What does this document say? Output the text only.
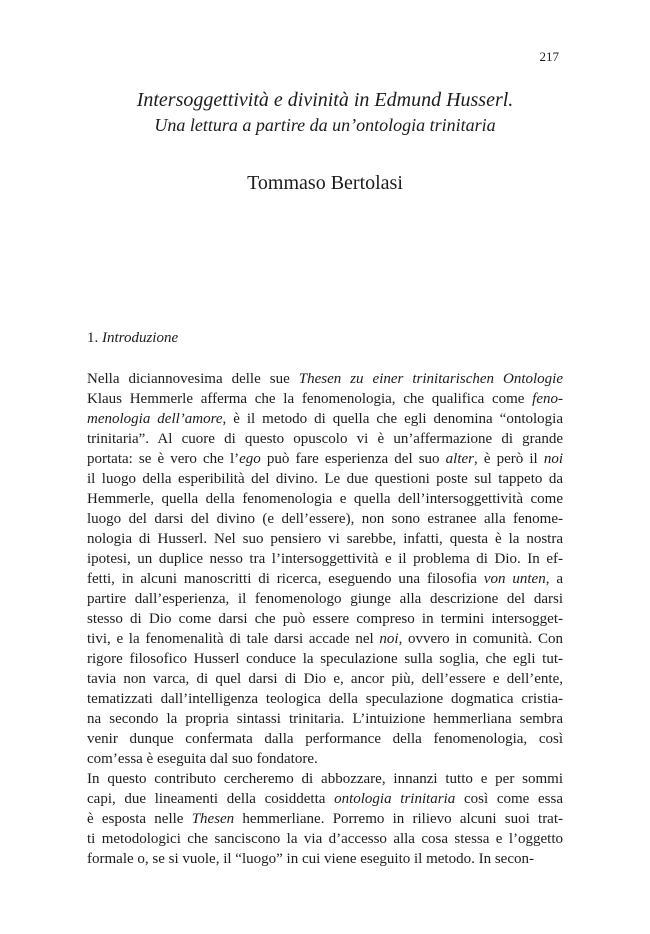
217

Intersoggettività e divinità in Edmund Husserl.

Una lettura a partire da un’ontologia trinitaria

Tommaso Bertolasi
1. Introduzione
Nella diciannovesima delle sue Thesen zu einer trinitarischen Ontologie
Klaus Hemmerle afferma che la fenomenologia, che qualifica come feno-
menologia dell’amore, è il metodo di quella che egli denomina “ontologia
trinitaria”. Al cuore di questo opuscolo vi è un’affermazione di grande
portata: se è vero che l’ego può fare esperienza del suo alter, è però il noi
il luogo della esperibilità del divino. Le due questioni poste sul tappeto da
Hemmerle, quella della fenomenologia e quella dell’intersoggettività come
luogo del darsi del divino (e dell’essere), non sono estranee alla fenome-
nologia di Husserl. Nel suo pensiero vi sarebbe, infatti, questa è la nostra
ipotesi, un duplice nesso tra l’intersoggettività e il problema di Dio. In ef-
fetti, in alcuni manoscritti di ricerca, eseguendo una filosofia von unten, a
partire dall’esperienza, il fenomenologo giunge alla descrizione del darsi
stesso di Dio come darsi che può essere compreso in termini intersogget-
tivi, e la fenomenalità di tale darsi accade nel noi, ovvero in comunità. Con
rigore filosofico Husserl conduce la speculazione sulla soglia, che egli tut-
tavia non varca, di quel darsi di Dio e, ancor più, dell’essere e dell’ente,
tematizzati dall’intelligenza teologica della speculazione dogmatica cristia-
na secondo la propria sintassi trinitaria. L’intuizione hemmerliana sembra
venir dunque confermata dalla performance della fenomenologia, così
com’essa è eseguita dal suo fondatore.
In questo contributo cercheremo di abbozzare, innanzi tutto e per sommi
capi, due lineamenti della cosiddetta ontologia trinitaria così come essa
è esposta nelle Thesen hemmerliane. Porremo in rilievo alcuni suoi trat-
ti metodologici che sanciscono la via d’accesso alla cosa stessa e l’oggetto
formale o, se si vuole, il “luogo” in cui viene eseguito il metodo. In secon-
